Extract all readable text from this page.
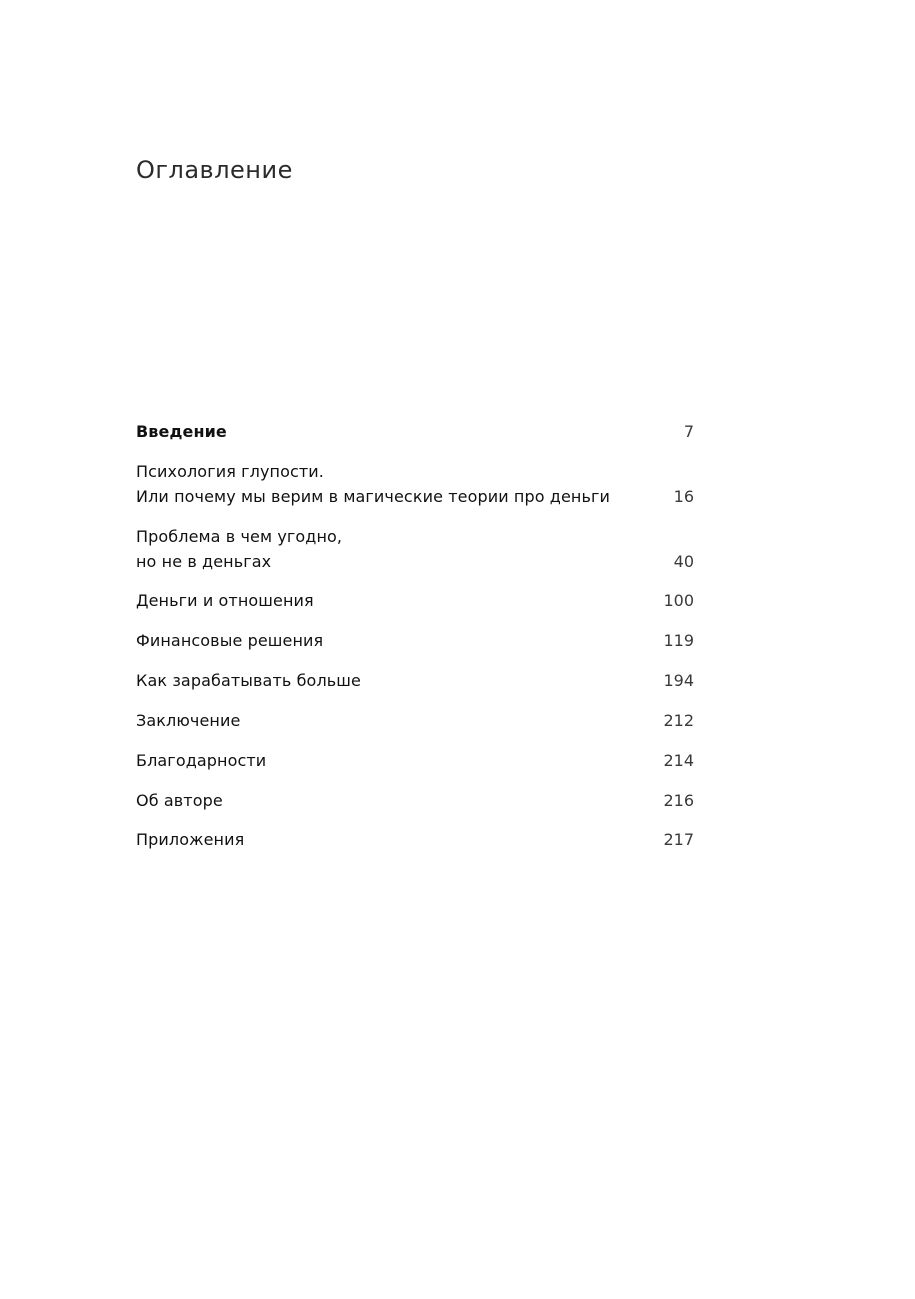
Оглавление
Введение	7
Психология глупости.
Или почему мы верим в магические теории про деньги	16
Проблема в чем угодно,
но не в деньгах	40
Деньги и отношения	100
Финансовые решения	119
Как зарабатывать больше	194
Заключение	212
Благодарности	214
Об авторе	216
Приложения	217
